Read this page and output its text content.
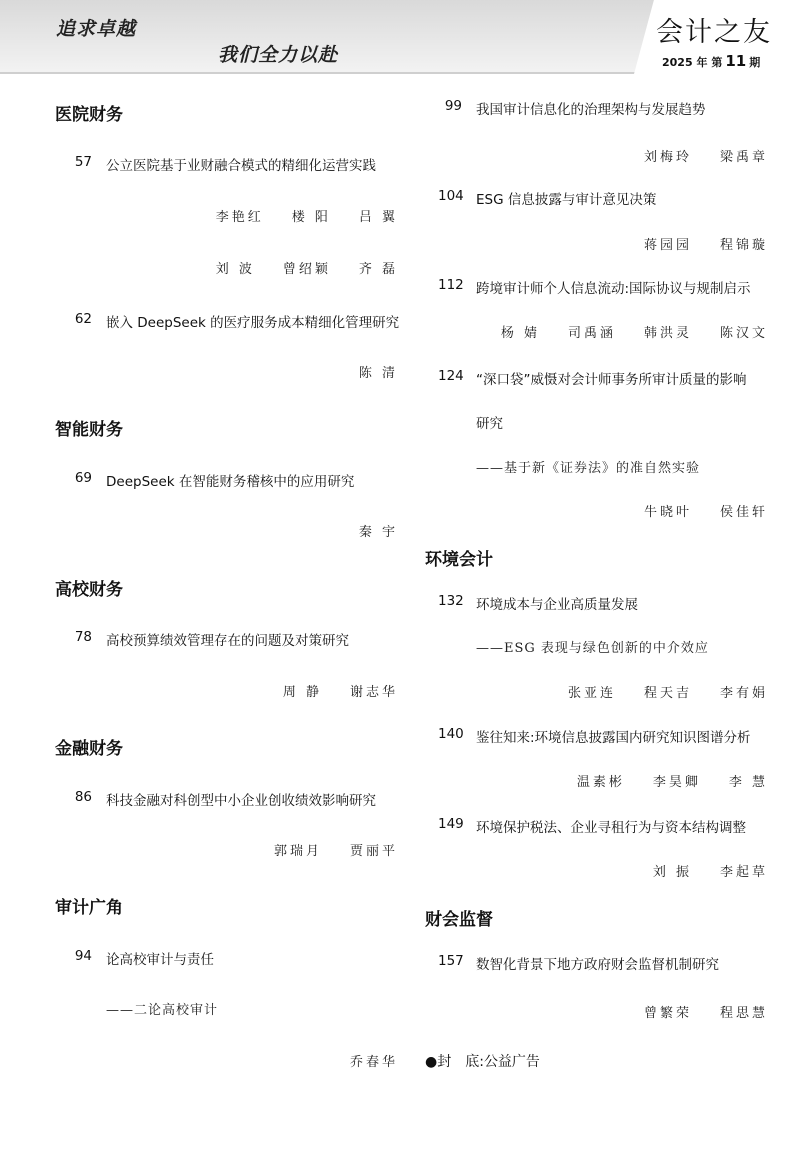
追求卓越
我们全力以赴
会计之友
2025 年 第 11 期
医院财务
57 公立医院基于业财融合模式的精细化运营实践
李艳红 楼 阳 吕 翼
刘 波 曾绍颖 齐 磊
62 嵌入 DeepSeek 的医疗服务成本精细化管理研究
陈 清
智能财务
69 DeepSeek 在智能财务稽核中的应用研究
秦 宇
高校财务
78 高校预算绩效管理存在的问题及对策研究
周 静 谢志华
金融财务
86 科技金融对科创型中小企业创收绩效影响研究
郭瑞月 贾丽平
审计广角
94 论高校审计与责任
——二论高校审计
乔春华
99 我国审计信息化的治理架构与发展趋势
刘梅玲 梁禹章
104 ESG 信息披露与审计意见决策
蒋园园 程锦璇
112 跨境审计师个人信息流动:国际协议与规制启示
杨 婧 司禹涵 韩洪灵 陈汉文
124 “深口袋”威慑对会计师事务所审计质量的影响
研究
——基于新《证券法》的准自然实验
牛晓叶 侯佳轩
环境会计
132 环境成本与企业高质量发展
——ESG 表现与绿色创新的中介效应
张亚连 程天吉 李有娟
140 鉴往知来:环境信息披露国内研究知识图谱分析
温素彬 李昊卿 李 慧
149 环境保护税法、企业寻租行为与资本结构调整
刘 振 李起草
财会监督
157 数智化背景下地方政府财会监督机制研究
曾繁荣 程思慧
●封　底:公益广告
